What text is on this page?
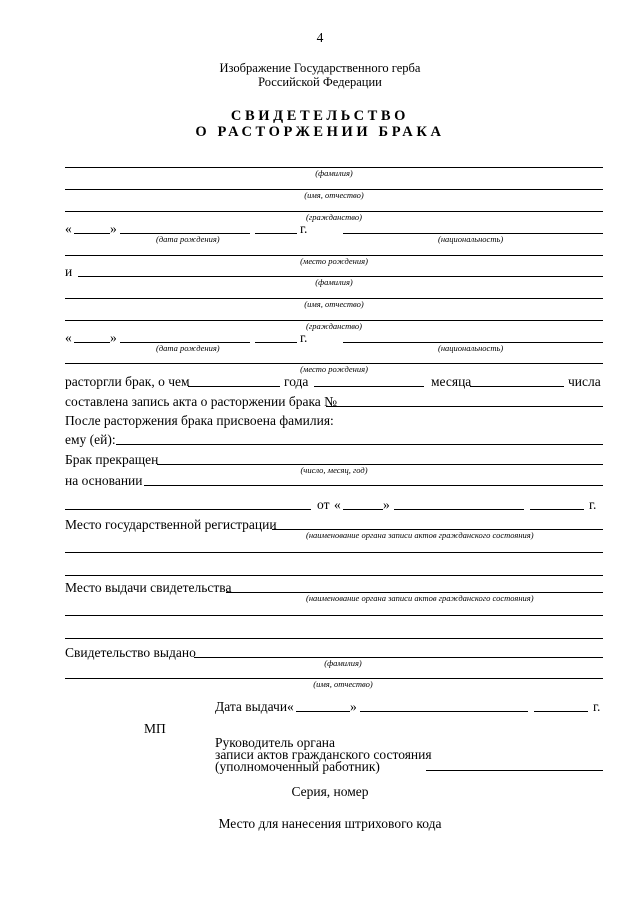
4
Изображение Государственного герба
Российской Федерации
СВИДЕТЕЛЬСТВО
О РАСТОРЖЕНИИ БРАКА
(фамилия)
(имя, отчество)
(гражданство)
«	»	г.
(дата рождения)	(национальность)
(место рождения)
и
(фамилия)
(имя, отчество)
(гражданство)
«	»	г.
(дата рождения)	(национальность)
(место рождения)
расторгли брак, о чем	года	месяца	числа
составлена запись акта о расторжении брака №
После расторжения брака присвоена фамилия:
ему (ей):
Брак прекращен
(число, месяц, год)
на основании
от «	»	г.
Место государственной регистрации
(наименование органа записи актов гражданского состояния)
Место выдачи свидетельства
(наименование органа записи актов гражданского состояния)
Свидетельство выдано
(фамилия)
(имя, отчество)
Дата выдачи «	»	г.
МП
Руководитель органа
записи актов гражданского состояния
(уполномоченный работник)
Серия, номер
Место для нанесения штрихового кода
